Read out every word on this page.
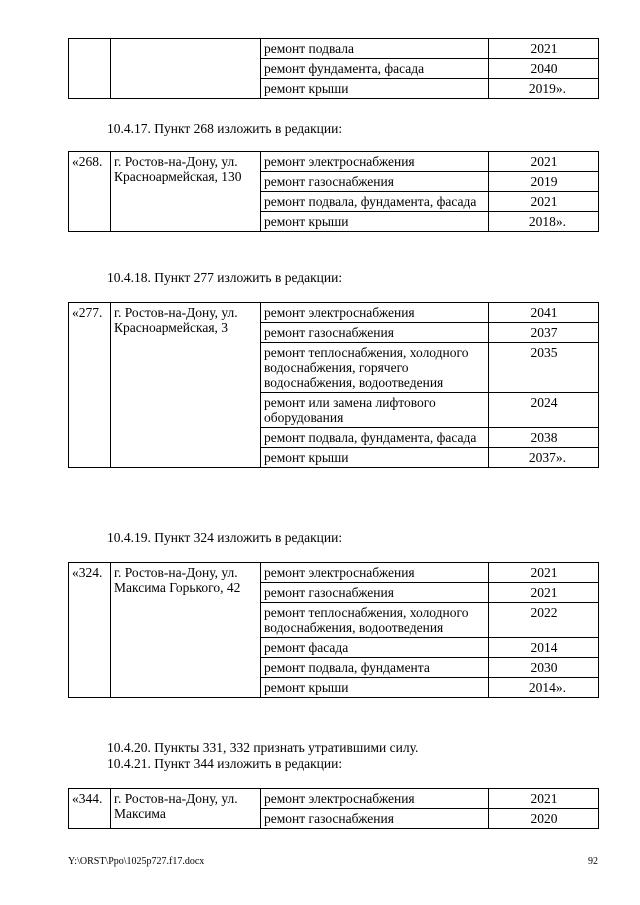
		ремонт подвала	2021
		ремонт фундамента, фасада	2040
		ремонт крыши	2019».
10.4.17. Пункт 268 изложить в редакции:
«268.	г. Ростов-на-Дону, ул. Красноармейская, 130	ремонт электроснабжения	2021
		ремонт газоснабжения	2019
		ремонт подвала, фундамента, фасада	2021
		ремонт крыши	2018».
10.4.18. Пункт 277 изложить в редакции:
«277.	г. Ростов-на-Дону, ул. Красноармейская, 3	ремонт электроснабжения	2041
		ремонт газоснабжения	2037
		ремонт теплоснабжения, холодного водоснабжения, горячего водоснабжения, водоотведения	2035
		ремонт или замена лифтового оборудования	2024
		ремонт подвала, фундамента, фасада	2038
		ремонт крыши	2037».
10.4.19. Пункт 324 изложить в редакции:
«324.	г. Ростов-на-Дону, ул. Максима Горького, 42	ремонт электроснабжения	2021
		ремонт газоснабжения	2021
		ремонт теплоснабжения, холодного водоснабжения, водоотведения	2022
		ремонт фасада	2014
		ремонт подвала, фундамента	2030
		ремонт крыши	2014».
10.4.20. Пункты 331, 332 признать утратившими силу.
10.4.21. Пункт 344 изложить в редакции:
«344.	г. Ростов-на-Дону, ул. Максима	ремонт электроснабжения	2021
		ремонт газоснабжения	2020
Y:\ORST\Ppo\1025p727.f17.docx	92
